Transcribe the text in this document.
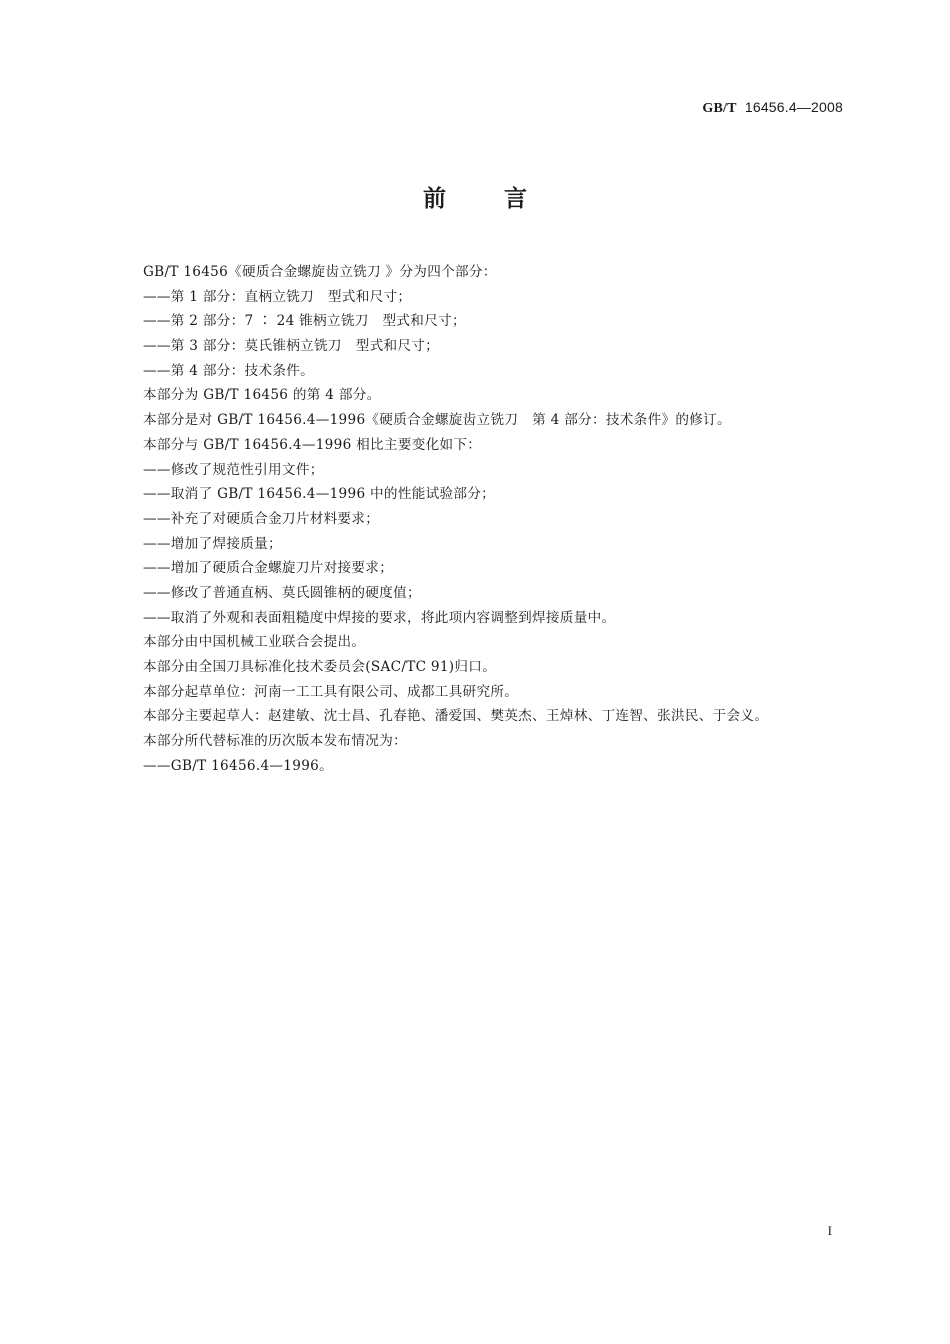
GB/T 16456.4—2008
前言
GB/T 16456《硬质合金螺旋齿立铣刀 》分为四个部分：
——第 1 部分：直柄立铣刀　型式和尺寸；
——第 2 部分：7 ∶ 24 锥柄立铣刀　型式和尺寸；
——第 3 部分：莫氏锥柄立铣刀　型式和尺寸；
——第 4 部分：技术条件。
本部分为 GB/T 16456 的第 4 部分。
本部分是对 GB/T 16456.4—1996《硬质合金螺旋齿立铣刀　第 4 部分：技术条件》的修订。
本部分与 GB/T 16456.4—1996 相比主要变化如下：
——修改了规范性引用文件；
——取消了 GB/T 16456.4—1996 中的性能试验部分；
——补充了对硬质合金刀片材料要求；
——增加了焊接质量；
——增加了硬质合金螺旋刀片对接要求；
——修改了普通直柄、莫氏圆锥柄的硬度值；
——取消了外观和表面粗糙度中焊接的要求，将此项内容调整到焊接质量中。
本部分由中国机械工业联合会提出。
本部分由全国刀具标准化技术委员会(SAC/TC 91)归口。
本部分起草单位：河南一工工具有限公司、成都工具研究所。
本部分主要起草人：赵建敏、沈士昌、孔春艳、潘爱国、樊英杰、王焯林、丁连智、张洪民、于会义。
本部分所代替标准的历次版本发布情况为：
——GB/T 16456.4—1996。
I
